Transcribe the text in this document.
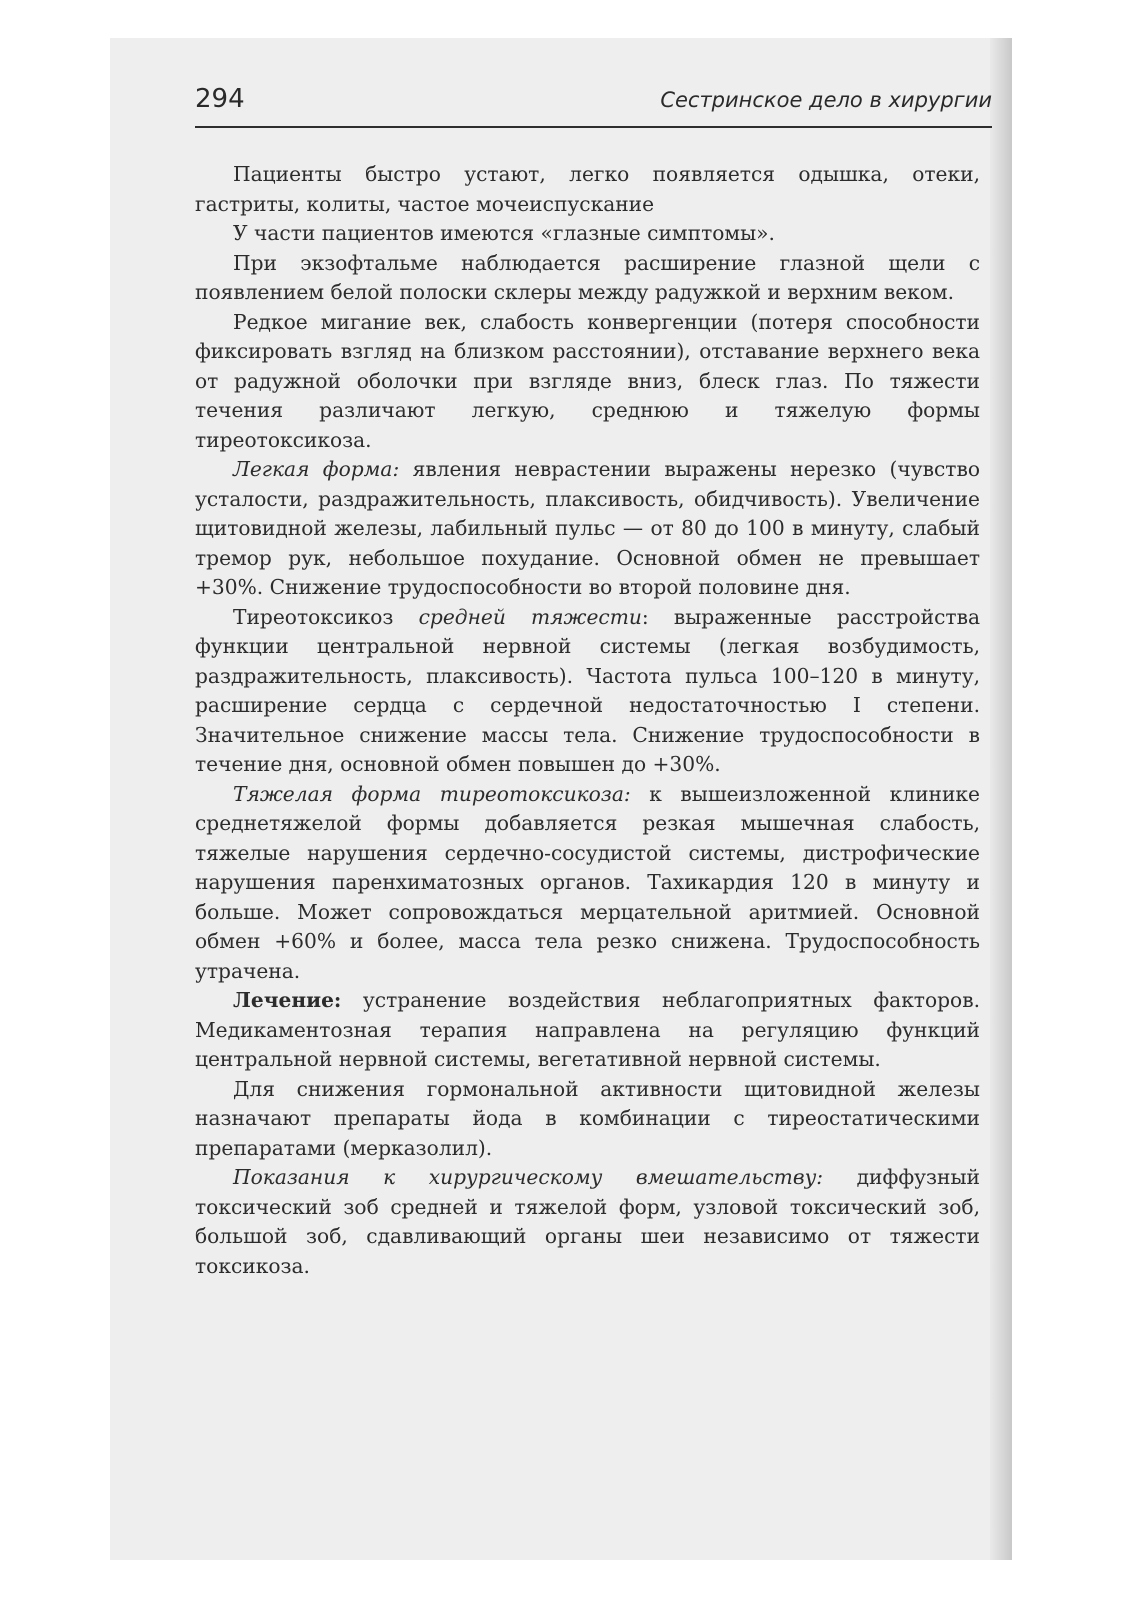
294	Сестринское дело в хирургии

Пациенты быстро устают, легко появляется одышка, отеки, гастриты, колиты, частое мочеиспускание

У части пациентов имеются «глазные симптомы».

При экзофтальме наблюдается расширение глазной щели с появлением белой полоски склеры между радужкой и верхним веком.

Редкое мигание век, слабость конвергенции (потеря способности фиксировать взгляд на близком расстоянии), отставание верхнего века от радужной оболочки при взгляде вниз, блеск глаз. По тяжести течения различают легкую, среднюю и тяжелую формы тиреотоксикоза.

Легкая форма: явления неврастении выражены нерезко (чувство усталости, раздражительность, плаксивость, обидчивость). Увеличение щитовидной железы, лабильный пульс — от 80 до 100 в минуту, слабый тремор рук, небольшое похудание. Основной обмен не превышает +30%. Снижение трудоспособности во второй половине дня.

Тиреотоксикоз средней тяжести: выраженные расстройства функции центральной нервной системы (легкая возбудимость, раздражительность, плаксивость). Частота пульса 100–120 в минуту, расширение сердца с сердечной недостаточностью I степени. Значительное снижение массы тела. Снижение трудоспособности в течение дня, основной обмен повышен до +30%.

Тяжелая форма тиреотоксикоза: к вышеизложенной клинике среднетяжелой формы добавляется резкая мышечная слабость, тяжелые нарушения сердечно-сосудистой системы, дистрофические нарушения паренхиматозных органов. Тахикардия 120 в минуту и больше. Может сопровождаться мерцательной аритмией. Основной обмен +60% и более, масса тела резко снижена. Трудоспособность утрачена.

Лечение: устранение воздействия неблагоприятных факторов. Медикаментозная терапия направлена на регуляцию функций центральной нервной системы, вегетативной нервной системы.

Для снижения гормональной активности щитовидной железы назначают препараты йода в комбинации с тиреостатическими препаратами (мерказолил).

Показания к хирургическому вмешательству: диффузный токсический зоб средней и тяжелой форм, узловой токсический зоб, большой зоб, сдавливающий органы шеи независимо от тяжести токсикоза.
